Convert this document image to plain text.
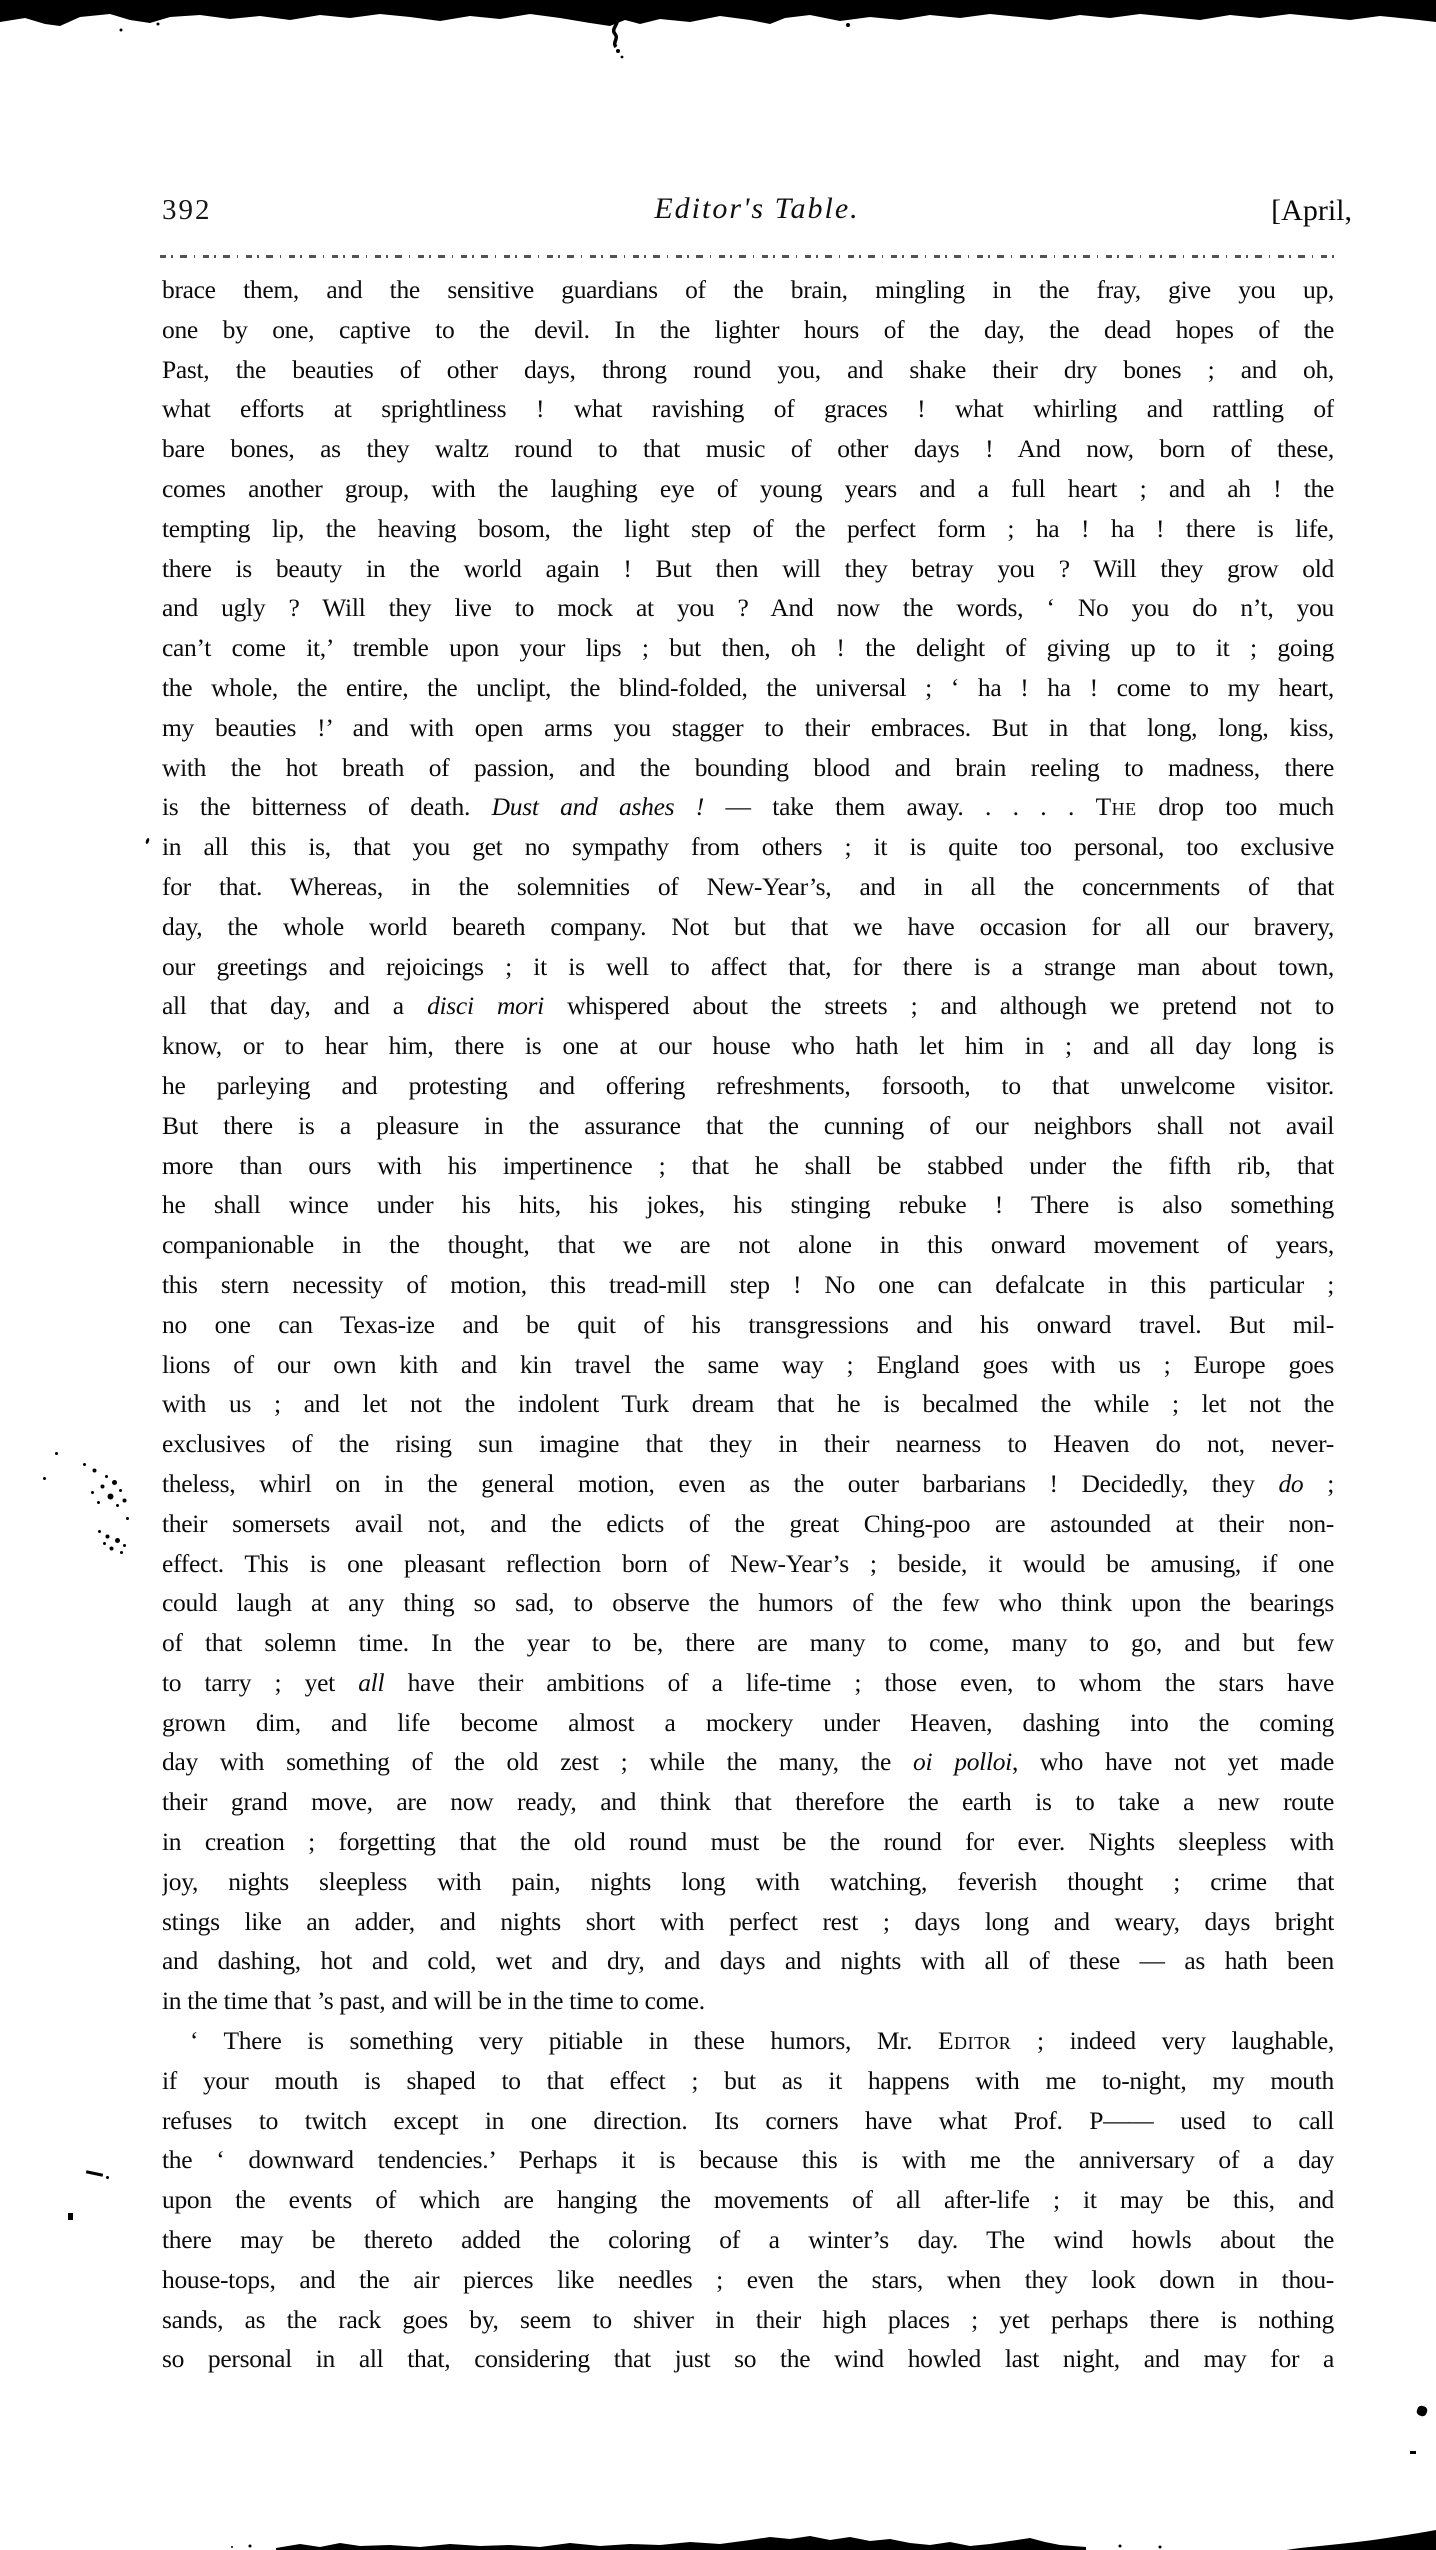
392	Editor's Table.	[April,
brace them, and the sensitive guardians of the brain, mingling in the fray, give you up,
one by one, captive to the devil. In the lighter hours of the day, the dead hopes of the
Past, the beauties of other days, throng round you, and shake their dry bones ; and oh,
what efforts at sprightliness ! what ravishing of graces ! what whirling and rattling of
bare bones, as they waltz round to that music of other days ! And now, born of these,
comes another group, with the laughing eye of young years and a full heart ; and ah ! the
tempting lip, the heaving bosom, the light step of the perfect form ; ha ! ha ! there is life,
there is beauty in the world again ! But then will they betray you ? Will they grow old
and ugly ? Will they live to mock at you ? And now the words, ‘ No you do n’t, you
can’t come it,’ tremble upon your lips ; but then, oh ! the delight of giving up to it ; going
the whole, the entire, the unclipt, the blind-folded, the universal ; ‘ ha ! ha ! come to my heart,
my beauties !’ and with open arms you stagger to their embraces. But in that long, long, kiss,
with the hot breath of passion, and the bounding blood and brain reeling to madness, there
is the bitterness of death. Dust and ashes ! — take them away. . . . . The drop too much
in all this is, that you get no sympathy from others ; it is quite too personal, too exclusive
for that. Whereas, in the solemnities of New-Year’s, and in all the concernments of that
day, the whole world beareth company. Not but that we have occasion for all our bravery,
our greetings and rejoicings ; it is well to affect that, for there is a strange man about town,
all that day, and a disci mori whispered about the streets ; and although we pretend not to
know, or to hear him, there is one at our house who hath let him in ; and all day long is
he parleying and protesting and offering refreshments, forsooth, to that unwelcome visitor.
But there is a pleasure in the assurance that the cunning of our neighbors shall not avail
more than ours with his impertinence ; that he shall be stabbed under the fifth rib, that
he shall wince under his hits, his jokes, his stinging rebuke ! There is also something
companionable in the thought, that we are not alone in this onward movement of years,
this stern necessity of motion, this tread-mill step ! No one can defalcate in this particular ;
no one can Texas-ize and be quit of his transgressions and his onward travel. But mil-
lions of our own kith and kin travel the same way ; England goes with us ; Europe goes
with us ; and let not the indolent Turk dream that he is becalmed the while ; let not the
exclusives of the rising sun imagine that they in their nearness to Heaven do not, never-
theless, whirl on in the general motion, even as the outer barbarians ! Decidedly, they do ;
their somersets avail not, and the edicts of the great Ching-poo are astounded at their non-
effect. This is one pleasant reflection born of New-Year’s ; beside, it would be amusing, if one
could laugh at any thing so sad, to observe the humors of the few who think upon the bearings
of that solemn time. In the year to be, there are many to come, many to go, and but few
to tarry ; yet all have their ambitions of a life-time ; those even, to whom the stars have
grown dim, and life become almost a mockery under Heaven, dashing into the coming
day with something of the old zest ; while the many, the oi polloi, who have not yet made
their grand move, are now ready, and think that therefore the earth is to take a new route
in creation ; forgetting that the old round must be the round for ever. Nights sleepless with
joy, nights sleepless with pain, nights long with watching, feverish thought ; crime that
stings like an adder, and nights short with perfect rest ; days long and weary, days bright
and dashing, hot and cold, wet and dry, and days and nights with all of these — as hath been
in the time that ’s past, and will be in the time to come.
‘ There is something very pitiable in these humors, Mr. Editor ; indeed very laughable,
if your mouth is shaped to that effect ; but as it happens with me to-night, my mouth
refuses to twitch except in one direction. Its corners have what Prof. P—— used to call
the ‘ downward tendencies.’ Perhaps it is because this is with me the anniversary of a day
upon the events of which are hanging the movements of all after-life ; it may be this, and
there may be thereto added the coloring of a winter’s day. The wind howls about the
house-tops, and the air pierces like needles ; even the stars, when they look down in thou-
sands, as the rack goes by, seem to shiver in their high places ; yet perhaps there is nothing
so personal in all that, considering that just so the wind howled last night, and may for a
